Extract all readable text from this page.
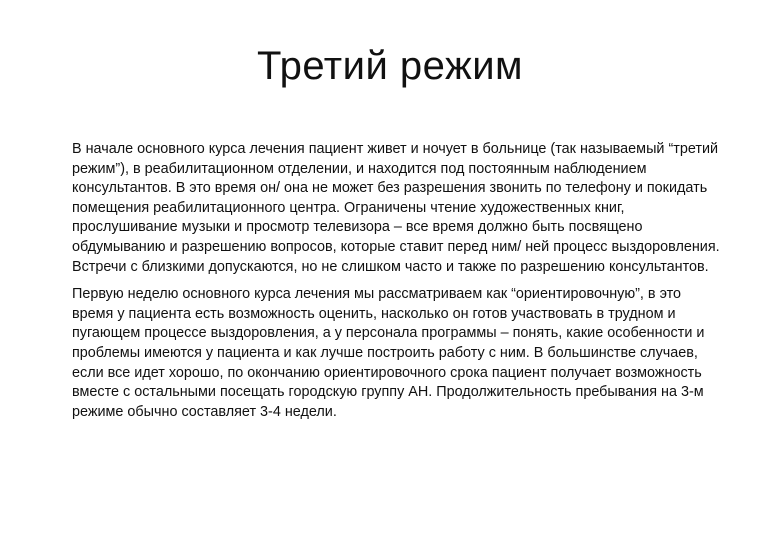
Третий режим

В начале основного курса лечения пациент живет и ночует в больнице (так называемый “третий режим”), в реабилитационном отделении, и находится под постоянным наблюдением консультантов. В это время он/ она не может без разрешения звонить по телефону и покидать помещения реабилитационного центра. Ограничены чтение художественных книг, прослушивание музыки и просмотр телевизора – все время должно быть посвящено обдумыванию и разрешению вопросов, которые ставит перед ним/ ней процесс выздоровления. Встречи с близкими допускаются, но не слишком часто и также по разрешению консультантов.

Первую неделю основного курса лечения мы рассматриваем как “ориентировочную”, в это время у пациента есть возможность оценить, насколько он готов участвовать в трудном и пугающем процессе выздоровления, а у персонала программы – понять, какие особенности и проблемы имеются у пациента и как лучше построить работу с ним. В большинстве случаев, если все идет хорошо, по окончанию ориентировочного срока пациент получает возможность вместе с остальными посещать городскую группу АН. Продолжительность пребывания на 3-м режиме обычно составляет 3-4 недели.
